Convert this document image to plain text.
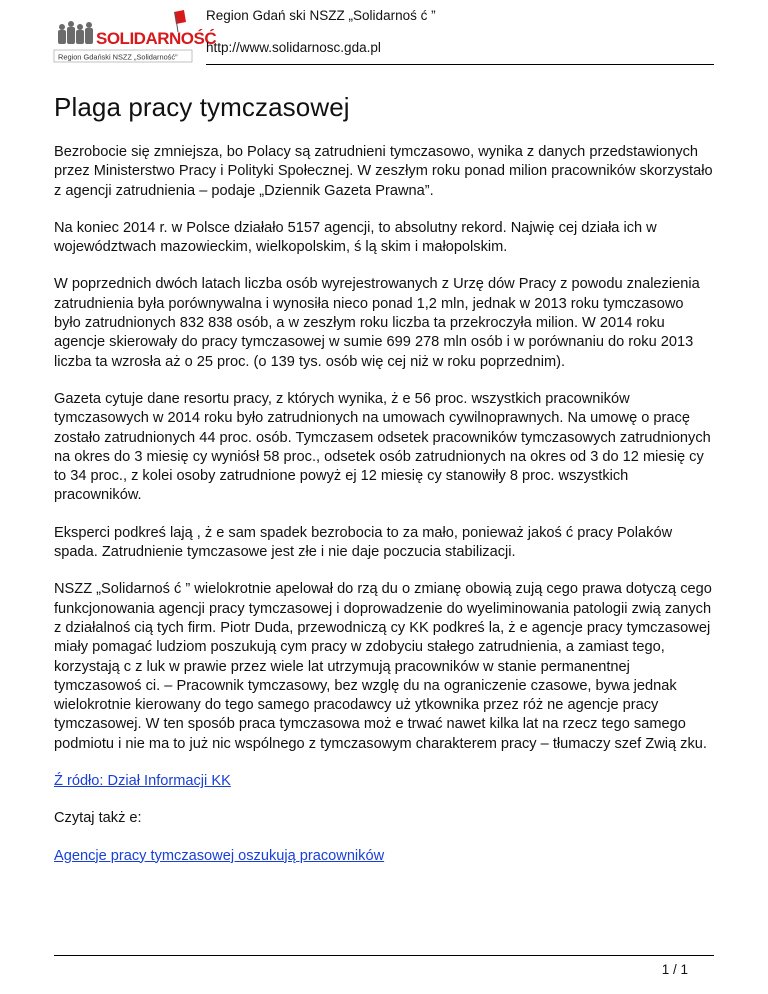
SOLIDARNOŚĆ
Region Gdański NSZZ „Solidarność”
Region Gdań ski NSZZ „Solidarnoś ć ”
http://www.solidarnosc.gda.pl
Plaga pracy tymczasowej

Bezrobocie się zmniejsza, bo Polacy są zatrudnieni tymczasowo, wynika z danych przedstawionych przez Ministerstwo Pracy i Polityki Społecznej. W zeszłym roku ponad milion pracowników skorzystało z agencji zatrudnienia – podaje „Dziennik Gazeta Prawna”.

Na koniec 2014 r. w Polsce działało 5157 agencji, to absolutny rekord. Najwię cej działa ich w województwach mazowieckim, wielkopolskim, ś lą skim i małopolskim.

W poprzednich dwóch latach liczba osób wyrejestrowanych z Urzę dów Pracy z powodu znalezienia zatrudnienia była porównywalna i wynosiła nieco ponad 1,2 mln, jednak w 2013 roku tymczasowo było zatrudnionych 832 838 osób, a w zeszłym roku liczba ta przekroczyła milion. W 2014 roku agencje skierowały do pracy tymczasowej w sumie 699 278 mln osób i w porównaniu do roku 2013 liczba ta wzrosła aż o 25 proc. (o 139 tys. osób wię cej niż w roku poprzednim).

Gazeta cytuje dane resortu pracy, z których wynika, ż e 56 proc. wszystkich pracowników tymczasowych w 2014 roku było zatrudnionych na umowach cywilnoprawnych. Na umowę o pracę zostało zatrudnionych 44 proc. osób. Tymczasem odsetek pracowników tymczasowych zatrudnionych na okres do 3 miesię cy wyniósł 58 proc., odsetek osób zatrudnionych na okres od 3 do 12 miesię cy to 34 proc., z kolei osoby zatrudnione powyż ej 12 miesię cy stanowiły 8 proc. wszystkich pracowników.

Eksperci podkreś lają , ż e sam spadek bezrobocia to za mało, ponieważ jakoś ć pracy Polaków spada. Zatrudnienie tymczasowe jest złe i nie daje poczucia stabilizacji.

NSZZ „Solidarnoś ć ” wielokrotnie apelował do rzą du o zmianę obowią zują cego prawa dotyczą cego funkcjonowania agencji pracy tymczasowej i doprowadzenie do wyeliminowania patologii zwią zanych z działalnoś cią tych firm. Piotr Duda, przewodniczą cy KK podkreś la, ż e agencje pracy tymczasowej miały pomagać ludziom poszukują cym pracy w zdobyciu stałego zatrudnienia, a zamiast tego, korzystają c z luk w prawie przez wiele lat utrzymują pracowników w stanie permanentnej tymczasowoś ci. – Pracownik tymczasowy, bez wzglę du na ograniczenie czasowe, bywa jednak wielokrotnie kierowany do tego samego pracodawcy uż ytkownika przez róż ne agencje pracy tymczasowej. W ten sposób praca tymczasowa moż e trwać nawet kilka lat na rzecz tego samego podmiotu i nie ma to już nic wspólnego z tymczasowym charakterem pracy – tłumaczy szef Zwią zku.

Ź ródło: Dział Informacji KK

Czytaj takż e:

Agencje pracy tymczasowej oszukują pracowników

1 / 1
